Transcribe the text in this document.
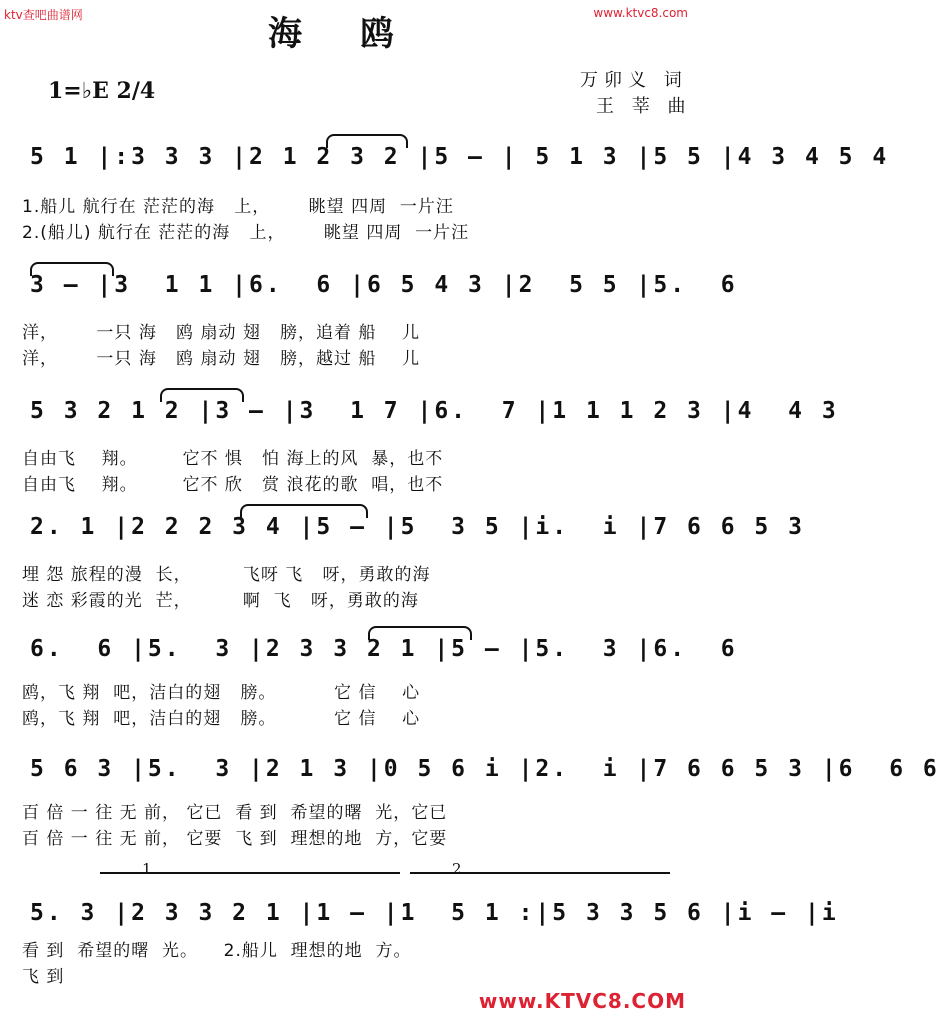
ktv查吧曲谱网	www.ktvc8.com
海鸥
1=♭E 2/4	万卯义 词
王 莘 曲
5 1 |:3 3 3 |2 1 2 3 2 |5 — | 5 1 3 |5 5 |4 3 4 5 4
1.船儿 航行在 茫茫的海   上，      眺望 四周  一片汪
2.(船儿) 航行在 茫茫的海   上，      眺望 四周  一片汪
3 — |3  1 1 |6.  6 |6 5 4 3 |2  5 5 |5.  6
洋，      一只 海   鸥 扇动 翅   膀，追着 船    儿
洋，      一只 海   鸥 扇动 翅   膀，越过 船    儿
5 3 2 1 2 |3 — |3  1 7 |6.  7 |1 1 1 2 3 |4  4 3
自由飞    翔。       它不 惧   怕 海上的风  暴，也不
自由飞    翔。       它不 欣   赏 浪花的歌  唱，也不
2. 1 |2 2 2 3 4 |5 — |5  3 5 |i.  i |7 6 6 5 3
埋 怨 旅程的漫  长，        飞呀 飞   呀，勇敢的海
迷 恋 彩霞的光  芒，        啊  飞   呀，勇敢的海
6.  6 |5.  3 |2 3 3 2 1 |5 — |5.  3 |6.  6
鸥，飞 翔  吧，洁白的翅   膀。         它 信    心
鸥，飞 翔  吧，洁白的翅   膀。         它 信    心
5 6 3 |5.  3 |2 1 3 |0 5 6 i |2.  i |7 6 6 5 3 |6  6 6
百 倍 一 往 无 前， 它已  看 到  希望的曙  光，它已
百 倍 一 往 无 前， 它要  飞 到  理想的地  方，它要
1.	2.
5. 3 |2 3 3 2 1 |1 — |1  5 1 :|5 3 3 5 6 |i — |i
看 到  希望的曙  光。    2.船儿  理想的地  方。
飞 到
www.KTVC8.COM
